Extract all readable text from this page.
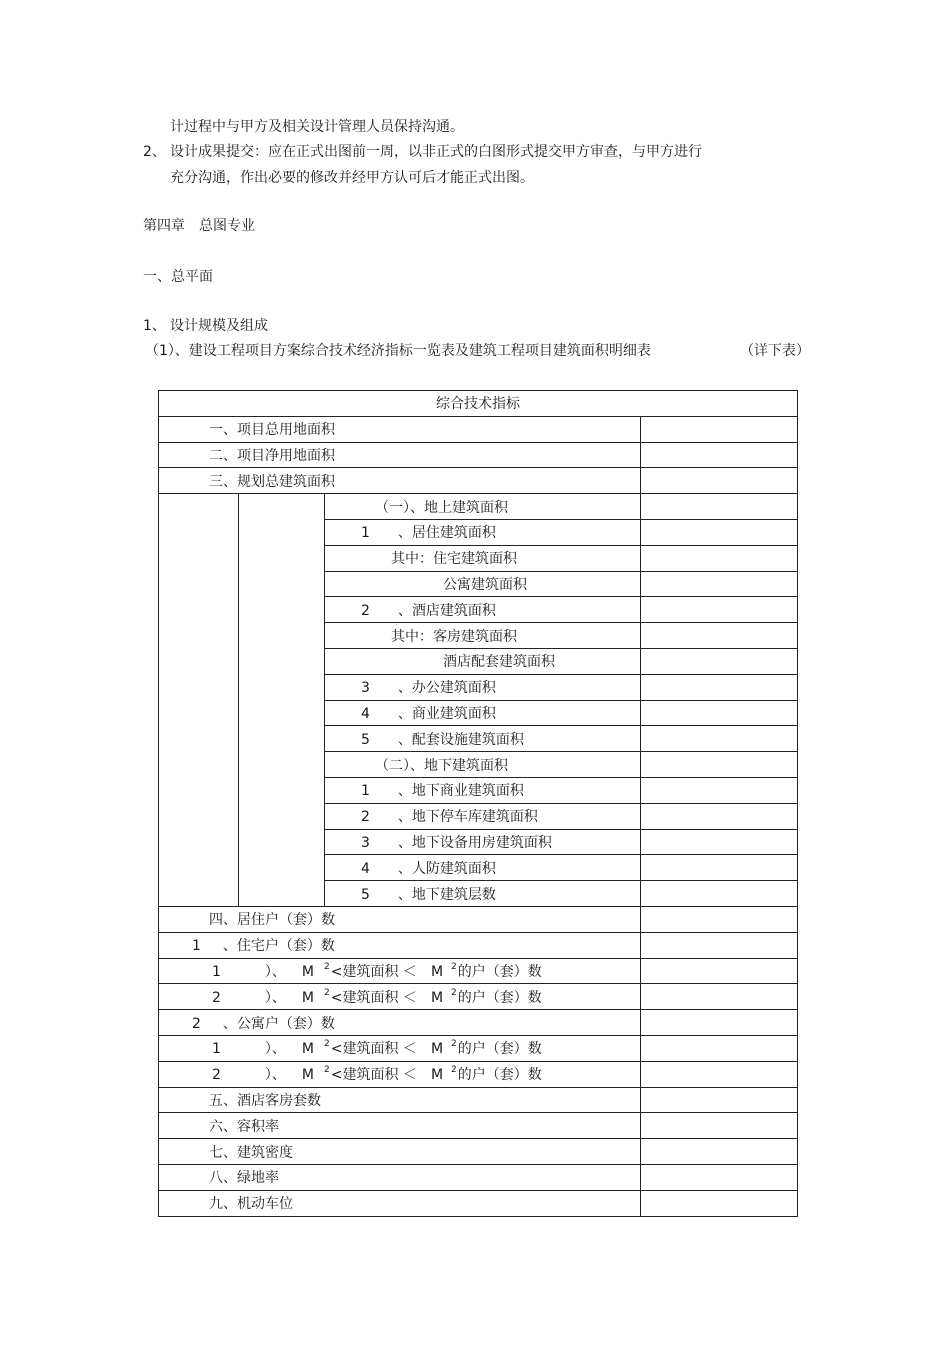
计过程中与甲方及相关设计管理人员保持沟通。
2、 设计成果提交：应在正式出图前一周，以非正式的白图形式提交甲方审查，与甲方进行
充分沟通，作出必要的修改并经甲方认可后才能正式出图。
第四章　总图专业
一、总平面
1、 设计规模及组成
（1）、建设工程项目方案综合技术经济指标一览表及建筑工程项目建筑面积明细表	（详下表）
综合技术指标			
一、项目总用地面积			
二、项目净用地面积			
三、规划总建筑面积			
		（一）、地上建筑面积	
		1 、居住建筑面积	
		其中：住宅建筑面积	
		公寓建筑面积	
		2 、酒店建筑面积	
		其中：客房建筑面积	
		酒店配套建筑面积	
		3 、办公建筑面积	
		4 、商业建筑面积	
		5 、配套设施建筑面积	
		（二）、地下建筑面积	
		1 、地下商业建筑面积	
		2 、地下停车库建筑面积	
		3 、地下设备用房建筑面积	
		4 、人防建筑面积	
		5 、地下建筑层数	
四、居住户（套）数			
1 、住宅户（套）数			
1 ）、 M $^2$<建筑面积 ＜ M $^2$的户（套）数			
2 ）、 M $^2$<建筑面积 ＜ M $^2$的户（套）数			
2 、公寓户（套）数			
1 ）、 M $^2$<建筑面积 ＜ M $^2$的户（套）数			
2 ）、 M $^2$<建筑面积 ＜ M $^2$的户（套）数			
五、酒店客房套数			
六、容积率			
七、建筑密度			
八、绿地率			
九、机动车位			
